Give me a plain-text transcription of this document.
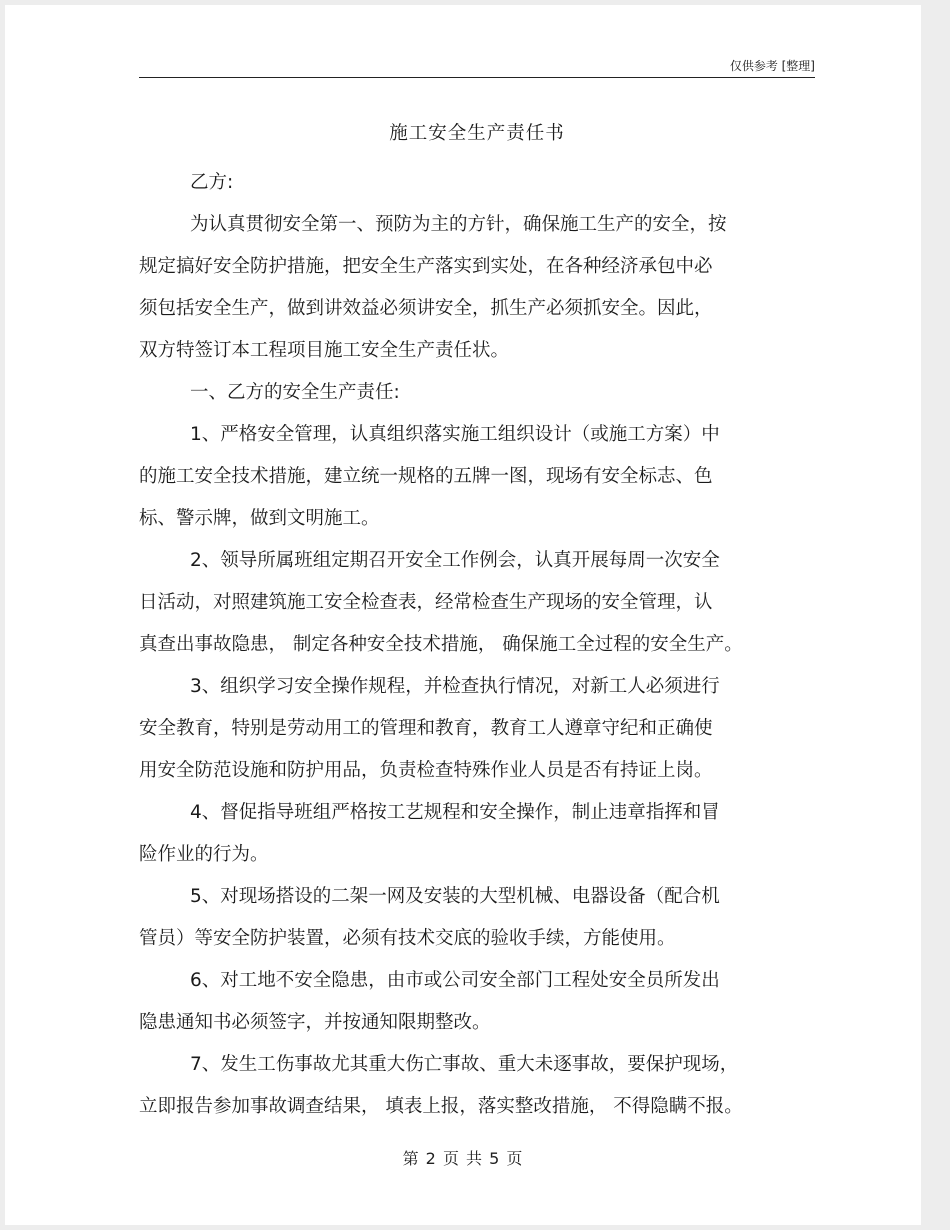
仅供参考 [整理]
施工安全生产责任书

乙方:

为认真贯彻安全第一、预防为主的方针，确保施工生产的安全，按

规定搞好安全防护措施，把安全生产落实到实处，在各种经济承包中必

须包括安全生产，做到讲效益必须讲安全，抓生产必须抓安全。因此，

双方特签订本工程项目施工安全生产责任状。

一、乙方的安全生产责任:

1、严格安全管理，认真组织落实施工组织设计（或施工方案）中

的施工安全技术措施，建立统一规格的五牌一图，现场有安全标志、色

标、警示牌，做到文明施工。

2、领导所属班组定期召开安全工作例会，认真开展每周一次安全

日活动，对照建筑施工安全检查表，经常检查生产现场的安全管理，认

真查出事故隐患， 制定各种安全技术措施， 确保施工全过程的安全生产。

3、组织学习安全操作规程，并检查执行情况，对新工人必须进行

安全教育，特别是劳动用工的管理和教育，教育工人遵章守纪和正确使

用安全防范设施和防护用品，负责检查特殊作业人员是否有持证上岗。

4、督促指导班组严格按工艺规程和安全操作，制止违章指挥和冒

险作业的行为。

5、对现场搭设的二架一网及安装的大型机械、电器设备（配合机

管员）等安全防护装置，必须有技术交底的验收手续，方能使用。

6、对工地不安全隐患，由市或公司安全部门工程处安全员所发出

隐患通知书必须签字，并按通知限期整改。

7、发生工伤事故尤其重大伤亡事故、重大未逐事故，要保护现场，

立即报告参加事故调查结果， 填表上报，落实整改措施， 不得隐瞒不报。

第 2 页 共 5 页
